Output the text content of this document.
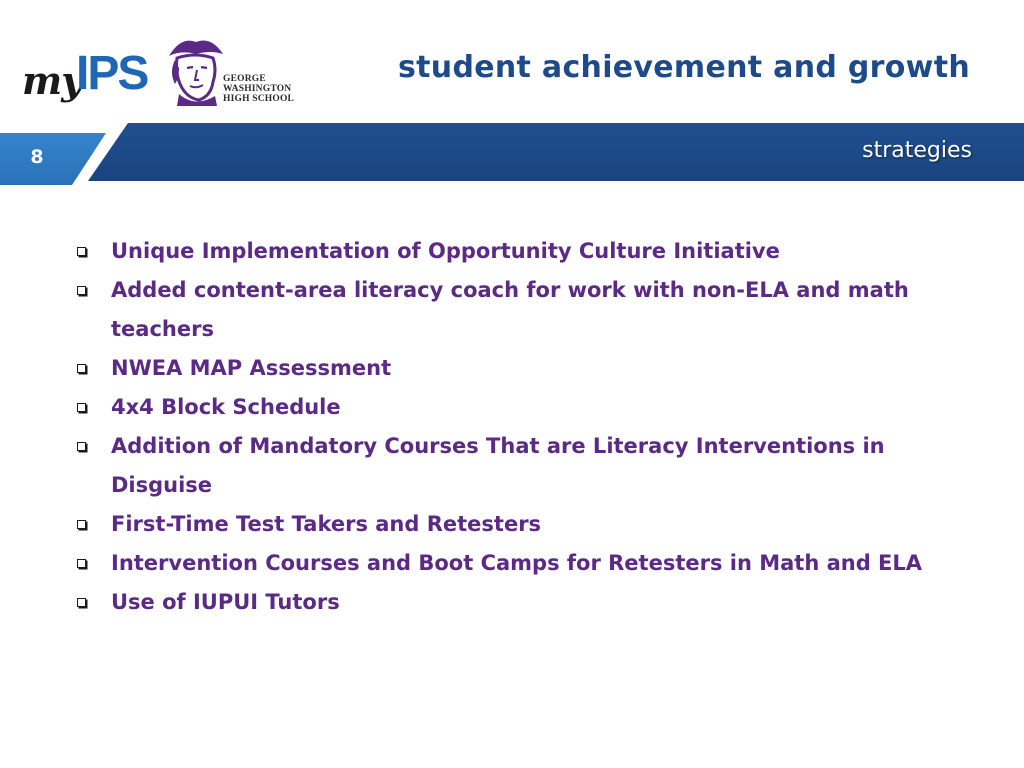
my
IPS	GEORGE
WASHINGTON
HIGH SCHOOL
student achievement and growth
8	strategies
Unique Implementation of Opportunity Culture Initiative
Added content-area literacy coach for work with non-ELA and math teachers
NWEA MAP Assessment
4x4 Block Schedule
Addition of Mandatory Courses That are Literacy Interventions in Disguise
First-Time Test Takers and Retesters
Intervention Courses and Boot Camps for Retesters in Math and ELA
Use of IUPUI Tutors
